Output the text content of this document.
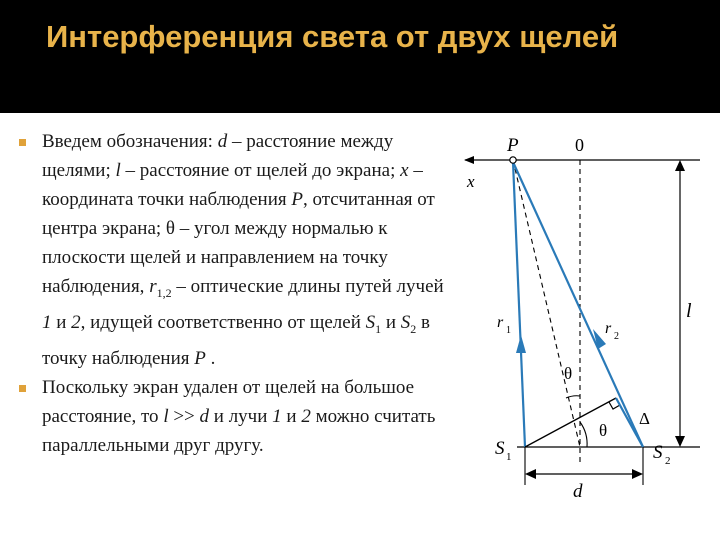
Интерференция света от двух щелей
Введем обозначения: d – расстояние между щелями; l – расстояние от щелей до экрана; x – координата точки наблюдения P, отсчитанная от центра экрана; θ – угол между нормалью к плоскости щелей и направлением на точку наблюдения, $r_{1,2}$ – оптические длины путей лучей 1 и 2, идущей соответственно от щелей $S_1$ и $S_2$ в точку наблюдения P .
Поскольку экран удален от щелей на большое расстояние, то l >> d и лучи 1 и 2 можно считать параллельными друг другу.
P	0
x
l
r 1	r 2
θ
θ
Δ
S 1	S 2
d
